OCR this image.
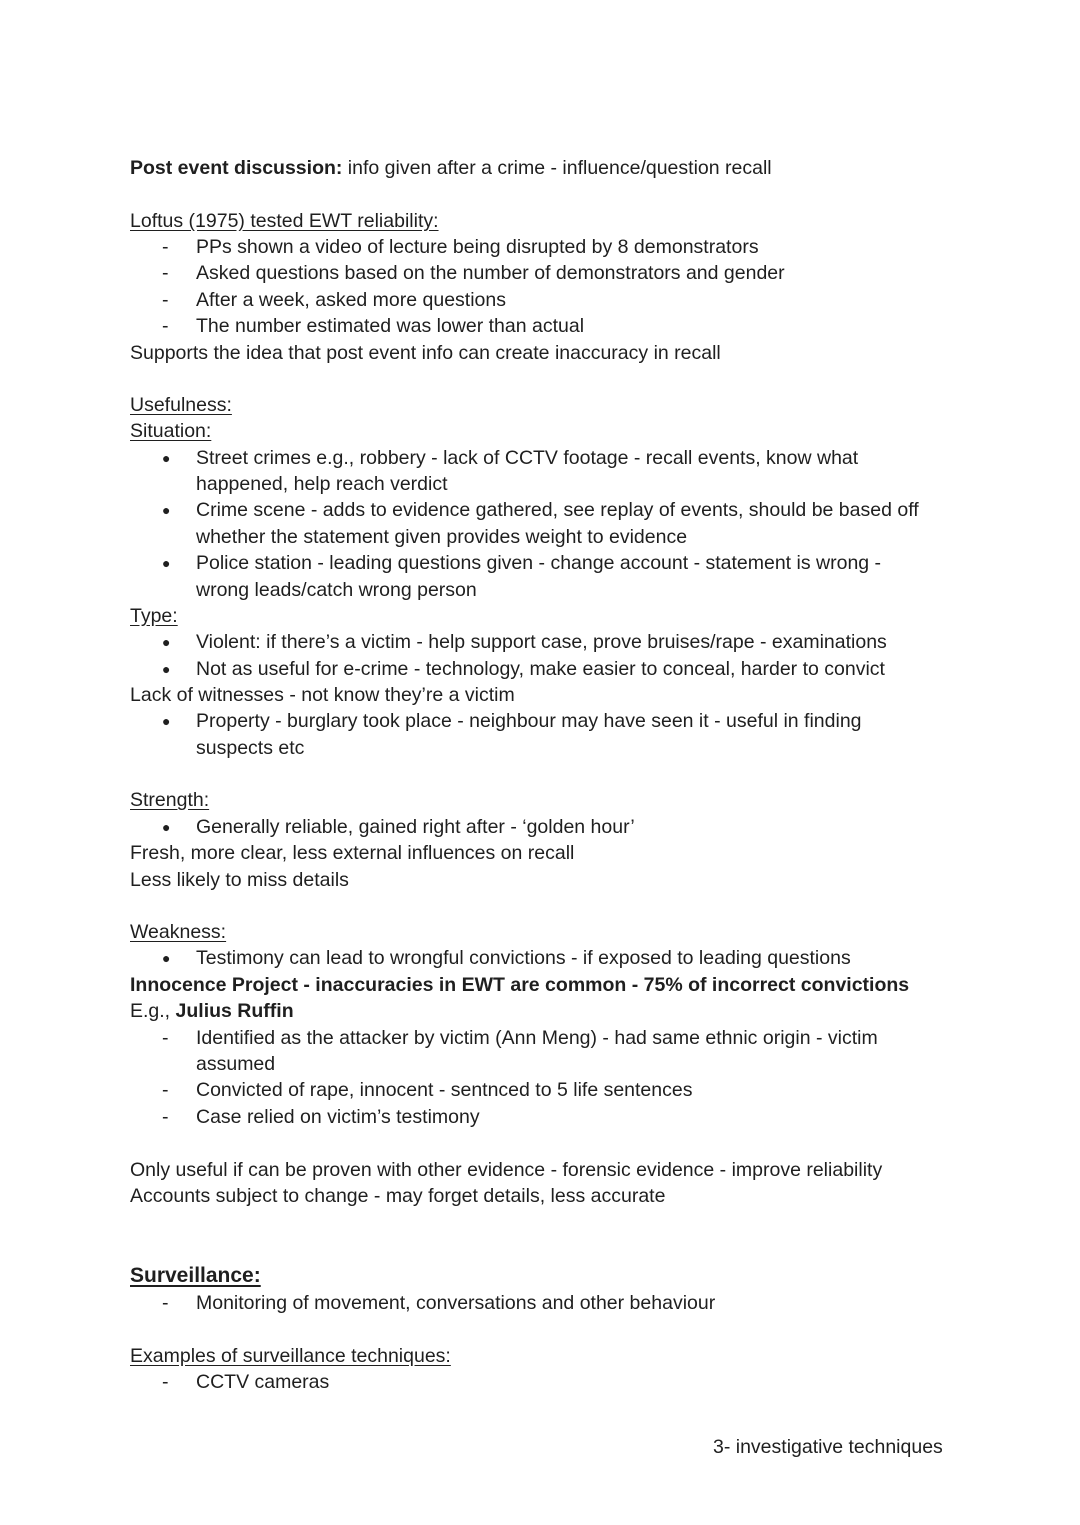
Post event discussion: info given after a crime - influence/question recall
Loftus (1975) tested EWT reliability:
- PPs shown a video of lecture being disrupted by 8 demonstrators
- Asked questions based on the number of demonstrators and gender
- After a week, asked more questions
- The number estimated was lower than actual
Supports the idea that post event info can create inaccuracy in recall
Usefulness:
Situation:
● Street crimes e.g., robbery - lack of CCTV footage - recall events, know what
happened, help reach verdict
● Crime scene - adds to evidence gathered, see replay of events, should be based off
whether the statement given provides weight to evidence
● Police station - leading questions given - change account - statement is wrong -
wrong leads/catch wrong person
Type:
● Violent: if there’s a victim - help support case, prove bruises/rape - examinations
● Not as useful for e-crime - technology, make easier to conceal, harder to convict
Lack of witnesses - not know they’re a victim
● Property - burglary took place - neighbour may have seen it - useful in finding
suspects etc
Strength:
● Generally reliable, gained right after - ‘golden hour’
Fresh, more clear, less external influences on recall
Less likely to miss details
Weakness:
● Testimony can lead to wrongful convictions - if exposed to leading questions
Innocence Project - inaccuracies in EWT are common - 75% of incorrect convictions
E.g., Julius Ruffin
- Identified as the attacker by victim (Ann Meng) - had same ethnic origin - victim
assumed
- Convicted of rape, innocent - sentnced to 5 life sentences
- Case relied on victim’s testimony
Only useful if can be proven with other evidence - forensic evidence - improve reliability
Accounts subject to change - may forget details, less accurate
Surveillance:
- Monitoring of movement, conversations and other behaviour
Examples of surveillance techniques:
- CCTV cameras
3- investigative techniques
